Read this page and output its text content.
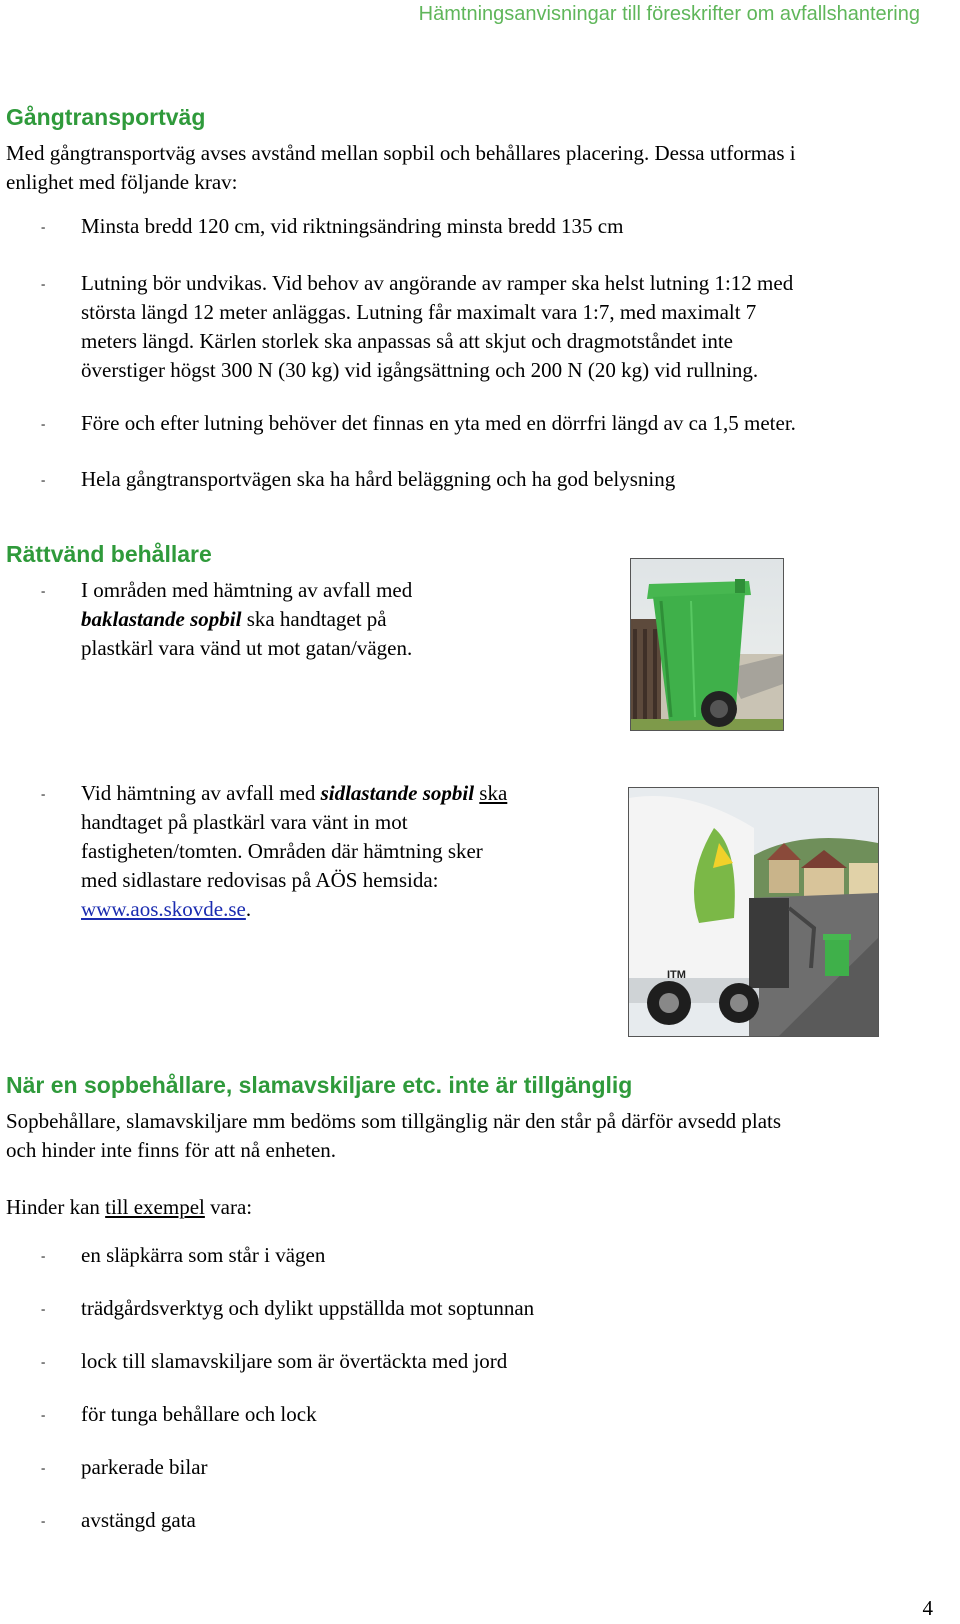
Hämtningsanvisningar till föreskrifter om avfallshantering
Gångtransportväg
Med gångtransportväg avses avstånd mellan sopbil och behållares placering. Dessa utformas i
enlighet med följande krav:
- Minsta bredd 120 cm, vid riktningsändring minsta bredd 135 cm
- Lutning bör undvikas. Vid behov av angörande av ramper ska helst lutning 1:12 med
största längd 12 meter anläggas. Lutning får maximalt vara 1:7, med maximalt 7
meters längd. Kärlen storlek ska anpassas så att skjut och dragmotståndet inte
överstiger högst 300 N (30 kg) vid igångsättning och 200 N (20 kg) vid rullning.
- Före och efter lutning behöver det finnas en yta med en dörrfri längd av ca 1,5 meter.
- Hela gångtransportvägen ska ha hård beläggning och ha god belysning
Rättvänd behållare
- I områden med hämtning av avfall med
baklastande sopbil ska handtaget på
plastkärl vara vänd ut mot gatan/vägen.
- Vid hämtning av avfall med sidlastande sopbil ska
handtaget på plastkärl vara vänt in mot
fastigheten/tomten. Områden där hämtning sker
med sidlastare redovisas på AÖS hemsida:
www.aos.skovde.se.
ITM
När en sopbehållare, slamavskiljare etc. inte är tillgänglig
Sopbehållare, slamavskiljare mm bedöms som tillgänglig när den står på därför avsedd plats
och hinder inte finns för att nå enheten.
Hinder kan till exempel vara:
- en släpkärra som står i vägen
- trädgårdsverktyg och dylikt uppställda mot soptunnan
- lock till slamavskiljare som är övertäckta med jord
- för tunga behållare och lock
- parkerade bilar
- avstängd gata
4
